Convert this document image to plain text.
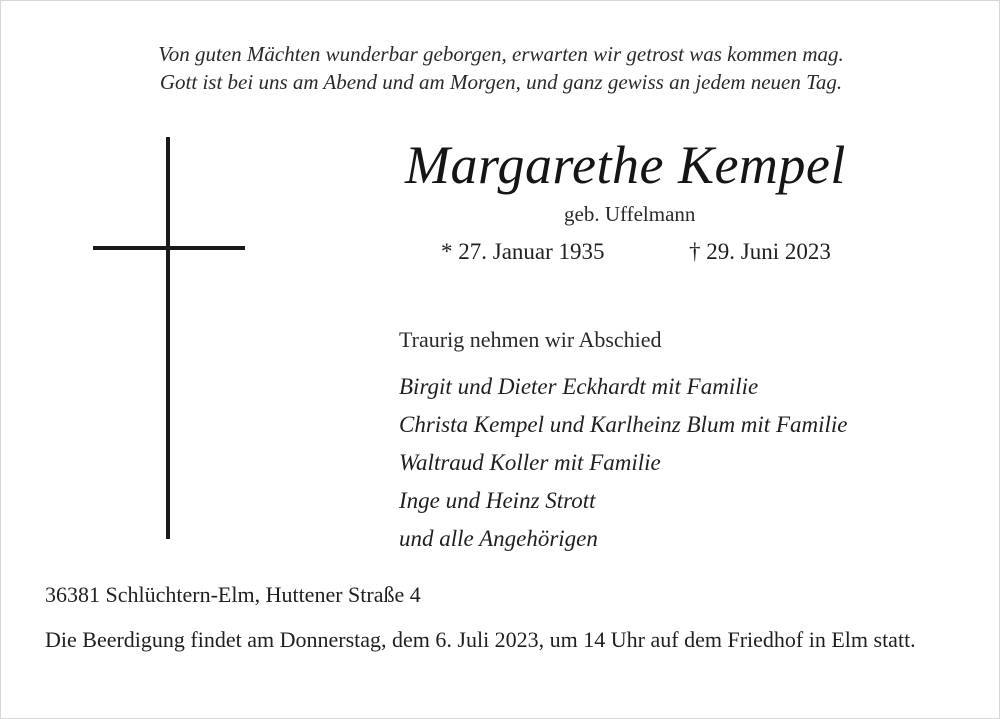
Von guten Mächten wunderbar geborgen, erwarten wir getrost was kommen mag.
Gott ist bei uns am Abend und am Morgen, und ganz gewiss an jedem neuen Tag.
Margarethe Kempel
geb. Uffelmann
* 27. Januar 1935	† 29. Juni 2023
Traurig nehmen wir Abschied
Birgit und Dieter Eckhardt mit Familie
Christa Kempel und Karlheinz Blum mit Familie
Waltraud Koller mit Familie
Inge und Heinz Strott
und alle Angehörigen
36381 Schlüchtern-Elm, Huttener Straße 4
Die Beerdigung findet am Donnerstag, dem 6. Juli 2023, um 14 Uhr auf dem Friedhof in Elm statt.
